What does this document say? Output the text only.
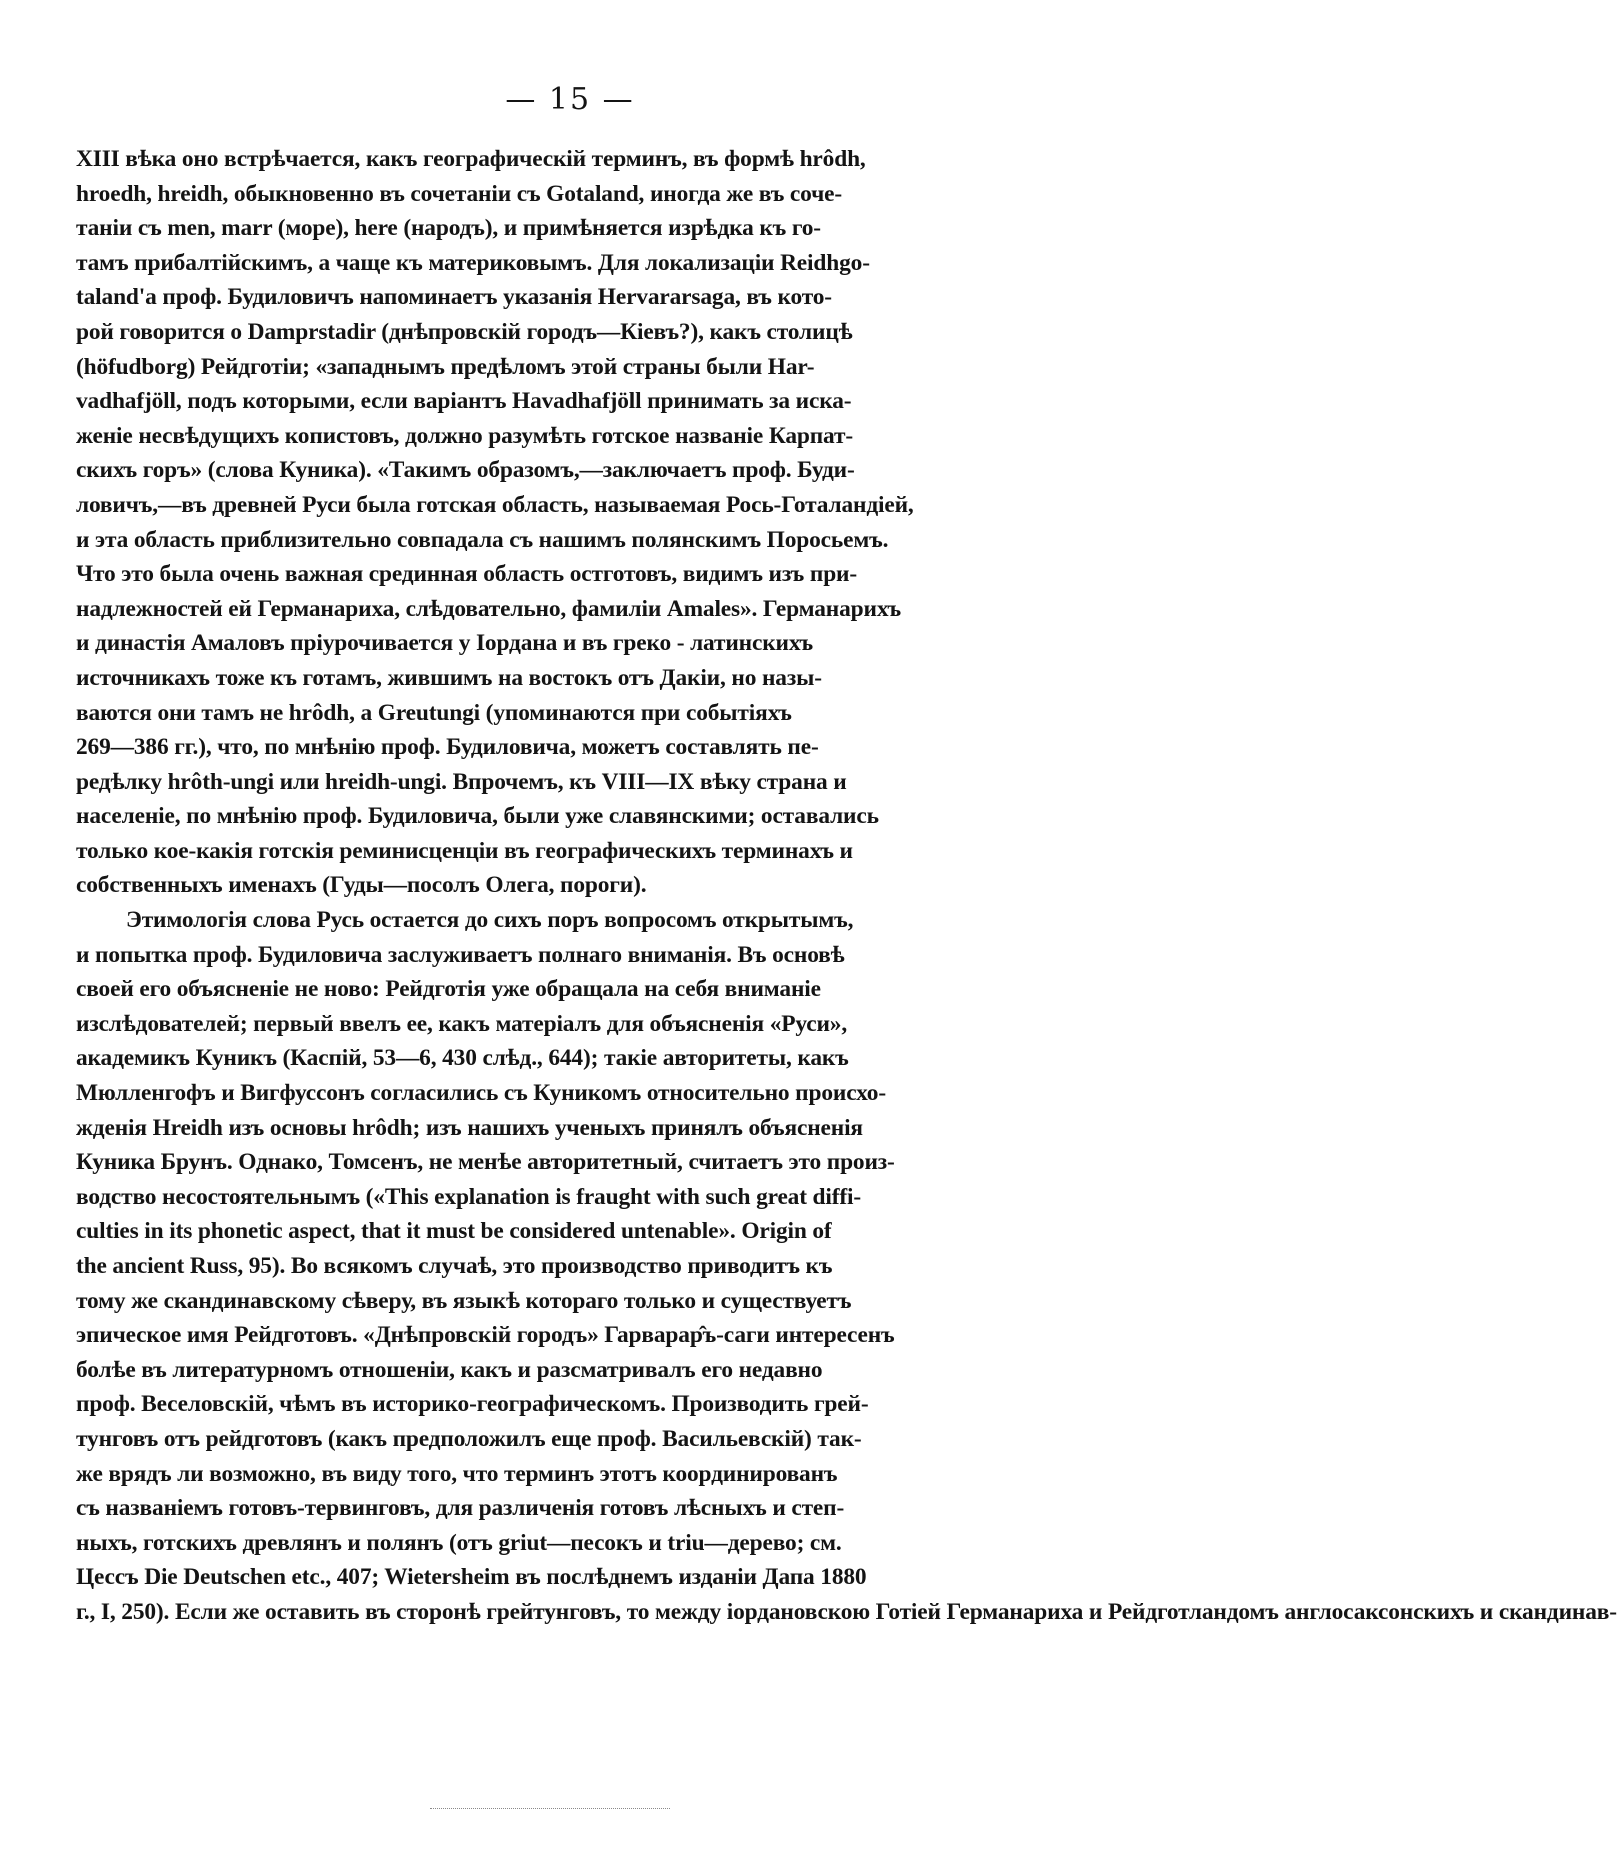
— 15 —
XIII вѣка оно встрѣчается, какъ географическій терминъ, въ формѣ hrôdh,
hroedh, hreidh, обыкновенно въ сочетаніи съ Gotaland, иногда же въ соче-
таніи съ men, marr (море), here (народъ), и примѣняется изрѣдка къ го-
тамъ прибалтійскимъ, а чаще къ материковымъ. Для локализаціи Reidhgo-
taland'а проф. Будиловичъ напоминаетъ указанія Hervararsaga, въ кото-
рой говорится о Damprstadir (днѣпровскій городъ—Кіевъ?), какъ столицѣ
(höfudborg) Рейдготіи; «западнымъ предѣломъ этой страны были Har-
vadhafjöll, подъ которыми, если варіантъ Havadhafjöll принимать за иска-
женіе несвѣдущихъ копистовъ, должно разумѣть готское названіе Карпат-
скихъ горъ» (слова Куника). «Такимъ образомъ,—заключаетъ проф. Буди-
ловичъ,—въ древней Руси была готская область, называемая Рось-Готаландіей,
и эта область приблизительно совпадала съ нашимъ полянскимъ Поросьемъ.
Что это была очень важная срединная область остготовъ, видимъ изъ при-
надлежностей ей Германариха, слѣдовательно, фамиліи Amales». Германарихъ
и династія Амаловъ пріурочивается у Іордана и въ греко - латинскихъ
источникахъ тоже къ готамъ, жившимъ на востокъ отъ Дакіи, но назы-
ваются они тамъ не hrôdh, а Greutungi (упоминаются при событіяхъ
269—386 гг.), что, по мнѣнію проф. Будиловича, можетъ составлять пе-
редѣлку hrôth-ungi или hreidh-ungi. Впрочемъ, къ VIII—IX вѣку страна и
населеніе, по мнѣнію проф. Будиловича, были уже славянскими; оставались
только кое-какія готскія реминисценціи въ географическихъ терминахъ и
собственныхъ именахъ (Гуды—посолъ Олега, пороги).
Этимологія слова Русь остается до сихъ поръ вопросомъ открытымъ,
и попытка проф. Будиловича заслуживаетъ полнаго вниманія. Въ основѣ
своей его объясненіе не ново: Рейдготія уже обращала на себя вниманіе
изслѣдователей; первый ввелъ ее, какъ матеріалъ для объясненія «Руси»,
академикъ Куникъ (Каспій, 53—6, 430 слѣд., 644); такіе авторитеты, какъ
Мюлленгофъ и Вигфуссонъ согласились съ Куникомъ относительно происхо-
жденія Hreidh изъ основы hrôdh; изъ нашихъ ученыхъ принялъ объясненія
Куника Брунъ. Однако, Томсенъ, не менѣе авторитетный, считаетъ это произ-
водство несостоятельнымъ («This explanation is fraught with such great diffi-
culties in its phonetic aspect, that it must be considered untenable». Origin of
the ancient Russ, 95). Во всякомъ случаѣ, это производство приводитъ къ
тому же скандинавскому сѣверу, въ языкѣ котораго только и существуетъ
эпическое имя Рейдготовъ. «Днѣпровскій городъ» Гарварар̂ъ-саги интересенъ
болѣе въ литературномъ отношеніи, какъ и разсматривалъ его недавно
проф. Веселовскій, чѣмъ въ историко-географическомъ. Производить грей-
тунговъ отъ рейдготовъ (какъ предположилъ еще проф. Васильевскій) так-
же врядъ ли возможно, въ виду того, что терминъ этотъ координированъ
съ названіемъ готовъ-тервинговъ, для различенія готовъ лѣсныхъ и степ-
ныхъ, готскихъ древлянъ и полянъ (отъ griut—песокъ и triu—дерево; см.
Цессъ Die Deutschen etc., 407; Wietersheim въ послѣднемъ изданіи Дапа 1880
г., I, 250). Если же оставить въ сторонѣ грейтунговъ, то между іордановскою Готіей Германариха и Рейдготландомъ англосаксонскихъ и скандинав-
